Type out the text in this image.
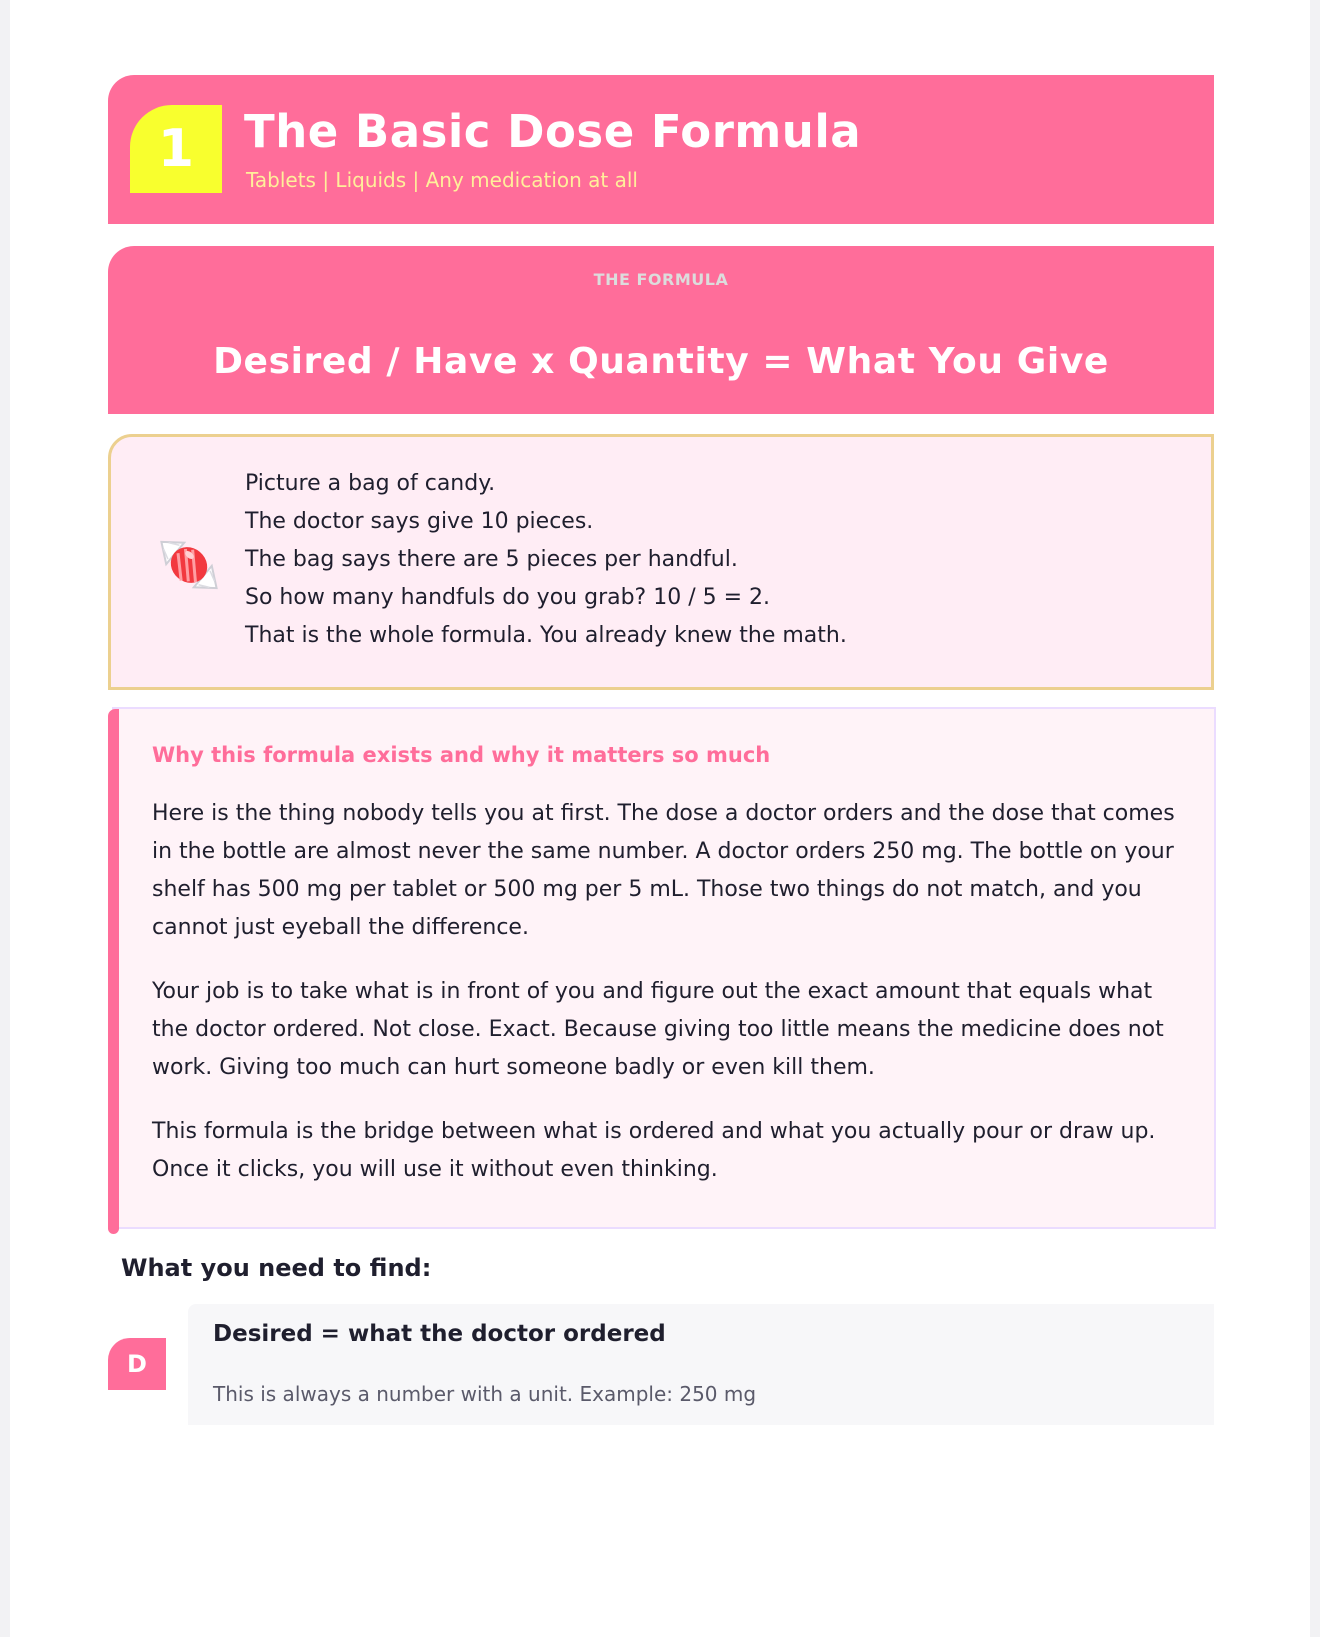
1	The Basic Dose Formula
Tablets | Liquids | Any medication at all
THE FORMULA
Desired / Have x Quantity = What You Give
Picture a bag of candy.
The doctor says give 10 pieces.
The bag says there are 5 pieces per handful.
So how many handfuls do you grab? 10 / 5 = 2.
That is the whole formula. You already knew the math.
Why this formula exists and why it matters so much

Here is the thing nobody tells you at first. The dose a doctor orders and the dose that comes in the bottle are almost never the same number. A doctor orders 250 mg. The bottle on your shelf has 500 mg per tablet or 500 mg per 5 mL. Those two things do not match, and you cannot just eyeball the difference.

Your job is to take what is in front of you and figure out the exact amount that equals what the doctor ordered. Not close. Exact. Because giving too little means the medicine does not work. Giving too much can hurt someone badly or even kill them.

This formula is the bridge between what is ordered and what you actually pour or draw up. Once it clicks, you will use it without even thinking.

What you need to find:
D
Desired = what the doctor ordered
This is always a number with a unit. Example: 250 mg
